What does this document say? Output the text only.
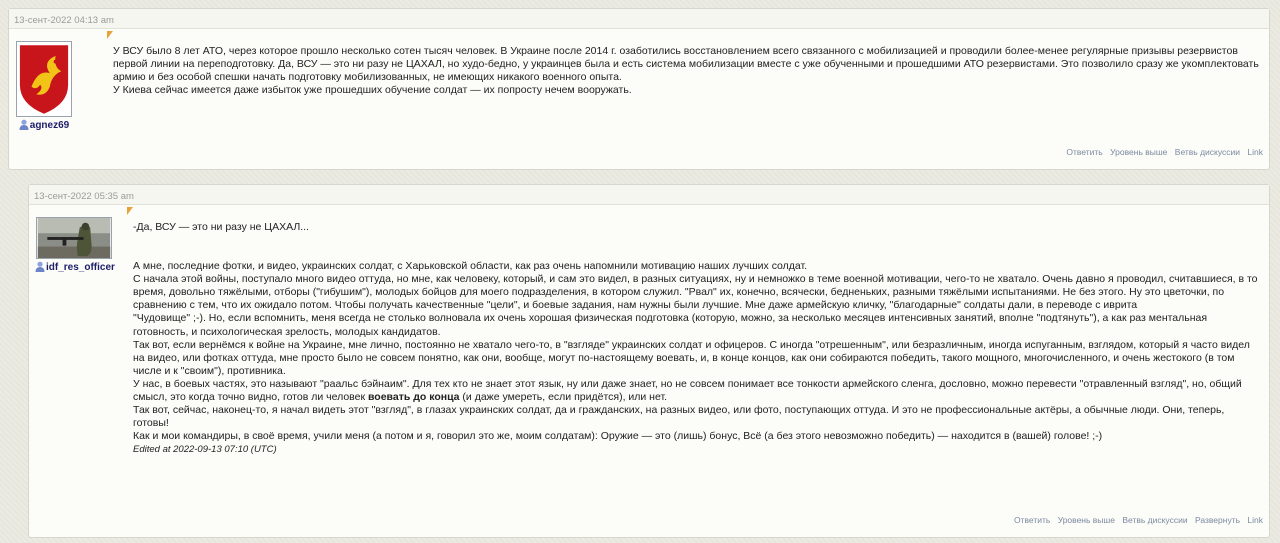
13-сент-2022 04:13 am
agnez69

У ВСУ было 8 лет АТО, через которое прошло несколько сотен тысяч человек. В Украине после 2014 г. озаботились восстановлением всего связанного с мобилизацией и проводили более-менее регулярные призывы резервистов первой линии на переподготовку. Да, ВСУ — это ни разу не ЦАХАЛ, но худо-бедно, у украинцев была и есть система мобилизации вместе с уже обученными и прошедшими АТО резервистами. Это позволило сразу же укомплектовать армию и без особой спешки начать подготовку мобилизованных, не имеющих никакого военного опыта.

У Киева сейчас имеется даже избыток уже прошедших обучение солдат — их попросту нечем вооружать.

Ответить Уровень выше Ветвь дискуссии Link
13-сент-2022 05:35 am
idf_res_officer

-Да, ВСУ — это ни разу не ЦАХАЛ...

А мне, последние фотки, и видео, украинских солдат, с Харьковской области, как раз очень напомнили мотивацию наших лучших солдат.

С начала этой войны, поступало много видео оттуда, но мне, как человеку, который, и сам это видел, в разных ситуациях, ну и немножко в теме военной мотивации, чего-то не хватало. Очень давно я проводил, считавшиеся, в то время, довольно тяжёлыми, отборы ("гибушим"), молодых бойцов для моего подразделения, в котором служил. "Рвал" их, конечно, всячески, бедненьких, разными тяжёлыми испытаниями. Не без этого. Ну это цветочки, по сравнению с тем, что их ожидало потом. Чтобы получать качественные "цели", и боевые задания, нам нужны были лучшие. Мне даже армейскую кличку, "благодарные" солдаты дали, в переводе с иврита

"Чудовище" ;-). Но, если вспомнить, меня всегда не столько волновала их очень хорошая физическая подготовка (которую, можно, за несколько месяцев интенсивных занятий, вполне "подтянуть"), а как раз ментальная готовность, и психологическая зрелость, молодых кандидатов.

Так вот, если вернёмся к войне на Украине, мне лично, постоянно не хватало чего-то, в "взгляде" украинских солдат и офицеров. С иногда "отрешенным", или безразличным, иногда испуганным, взглядом, который я часто видел на видео, или фотках оттуда, мне просто было не совсем понятно, как они, вообще, могут по-настоящему воевать, и, в конце концов, как они собираются победить, такого мощного, многочисленного, и очень жестокого (в том числе и к "своим"), противника.

У нас, в боевых частях, это называют "раальс бэйнаим". Для тех кто не знает этот язык, ну или даже знает, но не совсем понимает все тонкости армейского сленга, дословно, можно перевести "отравленный взгляд", но, общий смысл, это когда точно видно, готов ли человек воевать до конца (и даже умереть, если придётся), или нет.

Так вот, сейчас, наконец-то, я начал видеть этот "взгляд", в глазах украинских солдат, да и гражданских, на разных видео, или фото, поступающих оттуда. И это не профессиональные актёры, а обычные люди. Они, теперь, готовы!

Как и мои командиры, в своё время, учили меня (а потом и я, говорил это же, моим солдатам): Оружие — это (лишь) бонус, Всё (а без этого невозможно победить) — находится в (вашей) голове! ;-)

Edited at 2022-09-13 07:10 (UTC)

Ответить Уровень выше Ветвь дискуссии Развернуть Link
